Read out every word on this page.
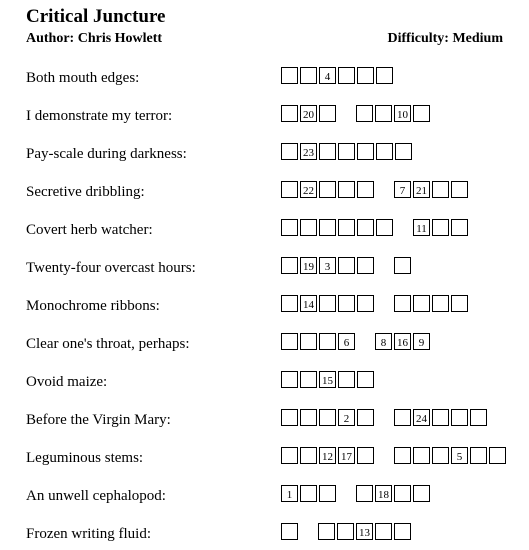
Critical Juncture
Author: Chris Howlett	Difficulty: Medium
Both mouth edges:	4
I demonstrate my terror:	20	10
Pay-scale during darkness:	23
Secretive dribbling:	22	7 21
Covert herb watcher:	11
Twenty-four overcast hours:	19 3
Monochrome ribbons:	14
Clear one's throat, perhaps:	6	8 16 9
Ovoid maize:	15
Before the Virgin Mary:	2	24
Leguminous stems:	12 17	5
An unwell cephalopod:	1	18
Frozen writing fluid:	13
